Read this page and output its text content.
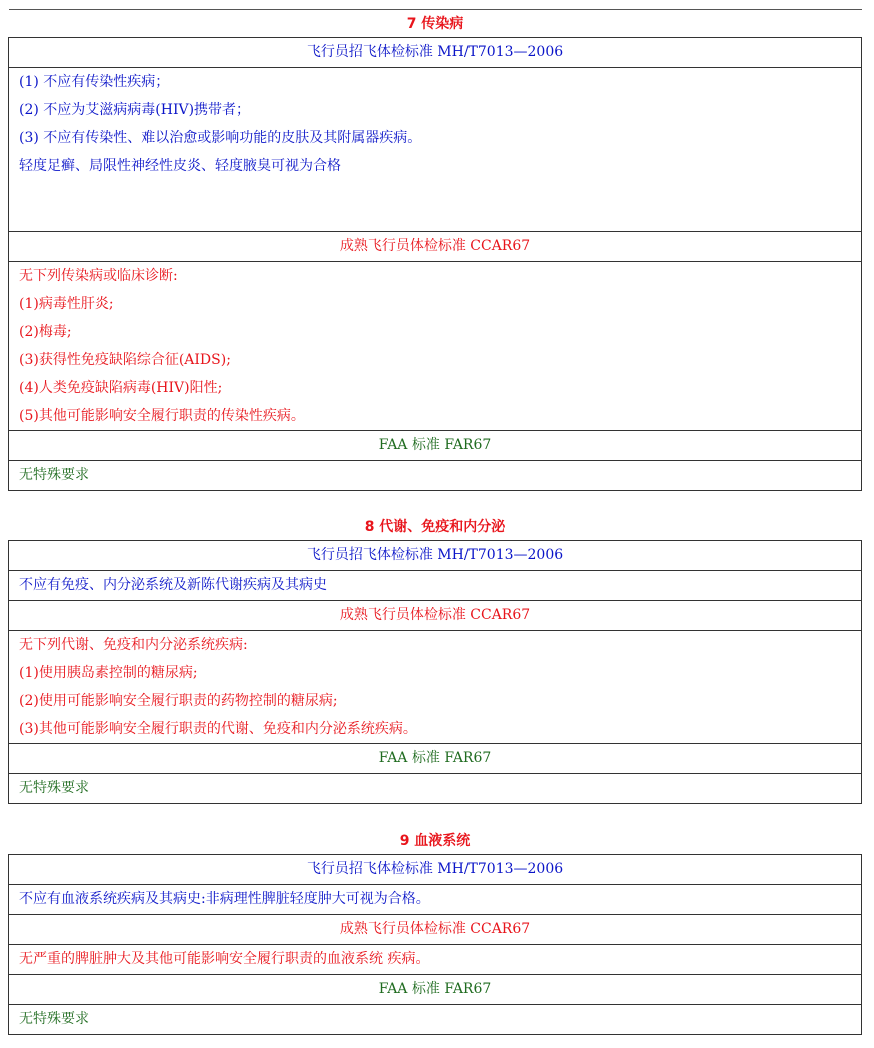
7 传染病
飞行员招飞体检标准 MH/T7013—2006

(1) 不应有传染性疾病；
(2) 不应为艾滋病病毒(HIV)携带者；
(3) 不应有传染性、难以治愈或影响功能的皮肤及其附属器疾病。
轻度足癣、局限性神经性皮炎、轻度腋臭可视为合格

成熟飞行员体检标准 CCAR67

无下列传染病或临床诊断:
(1)病毒性肝炎;
(2)梅毒;
(3)获得性免疫缺陷综合征(AIDS);
(4)人类免疫缺陷病毒(HIV)阳性;
(5)其他可能影响安全履行职责的传染性疾病。

FAA 标准 FAR67
无特殊要求
8 代谢、免疫和内分泌
飞行员招飞体检标准 MH/T7013—2006
不应有免疫、内分泌系统及新陈代谢疾病及其病史
成熟飞行员体检标准 CCAR67

无下列代谢、免疫和内分泌系统疾病:
(1)使用胰岛素控制的糖尿病;
(2)使用可能影响安全履行职责的药物控制的糖尿病;
(3)其他可能影响安全履行职责的代谢、免疫和内分泌系统疾病。

FAA 标准 FAR67
无特殊要求
9 血液系统
飞行员招飞体检标准 MH/T7013—2006
不应有血液系统疾病及其病史:非病理性脾脏轻度肿大可视为合格。
成熟飞行员体检标准 CCAR67
无严重的脾脏肿大及其他可能影响安全履行职责的血液系统 疾病。
FAA 标准 FAR67
无特殊要求
